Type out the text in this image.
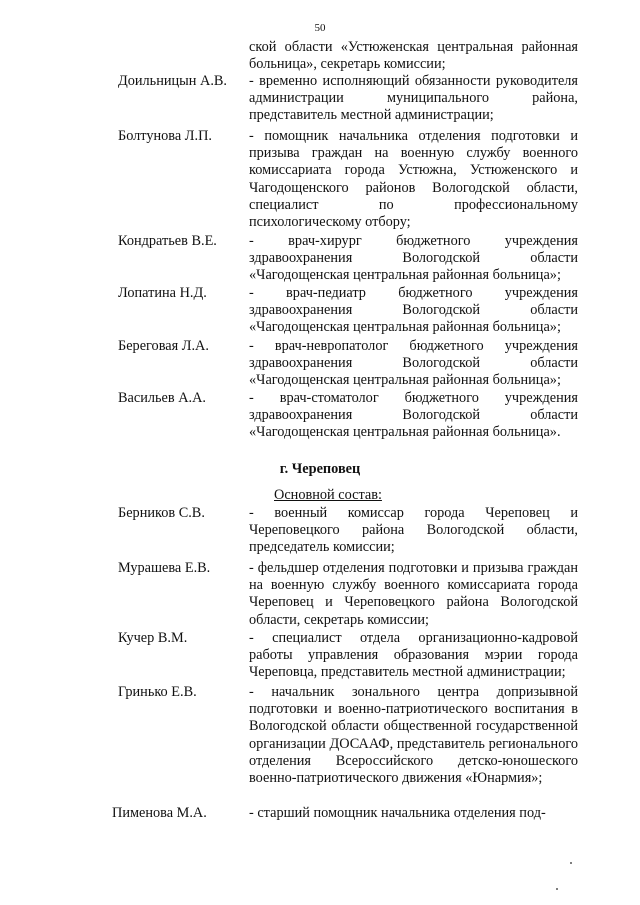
50
ской области «Устюженская центральная районная больница», секретарь комиссии;
Доильницын А.В. - временно исполняющий обязанности руководителя администрации муниципального района, представитель местной администрации;
Болтунова Л.П.	- помощник начальника отделения подготовки и призыва граждан на военную службу военного комиссариата города Устюжна, Устюженского и Чагодощенского районов Вологодской области, специалист по профессиональному психологическому отбору;
Кондратьев В.Е. - врач-хирург бюджетного учреждения здравоохранения Вологодской области «Чагодощенская центральная районная больница»;
Лопатина Н.Д.	- врач-педиатр бюджетного учреждения здравоохранения Вологодской области «Чагодощенская центральная районная больница»;
Береговая Л.А.	- врач-невропатолог бюджетного учреждения здравоохранения Вологодской области «Чагодощенская центральная районная больница»;
Васильев А.А.	- врач-стоматолог бюджетного учреждения здравоохранения Вологодской области «Чагодощенская центральная районная больница».
г. Череповец
Основной состав:
Берников С.В.	- военный комиссар города Череповец и Череповецкого района Вологодской области, председатель комиссии;
Мурашева Е.В.	- фельдшер отделения подготовки и призыва граждан на военную службу военного комиссариата города Череповец и Череповецкого района Вологодской области, секретарь комиссии;
Кучер В.М.	- специалист отдела организационно-кадровой работы управления образования мэрии города Череповца, представитель местной администрации;
Гринько Е.В.	- начальник зонального центра допризывной подготовки и военно-патриотического воспитания в Вологодской области общественной государственной организации ДОСААФ, представитель регионального отделения Всероссийского детско-юношеского военно-патриотического движения «Юнармия»;
Пименова М.А.	- старший помощник начальника отделения под-
